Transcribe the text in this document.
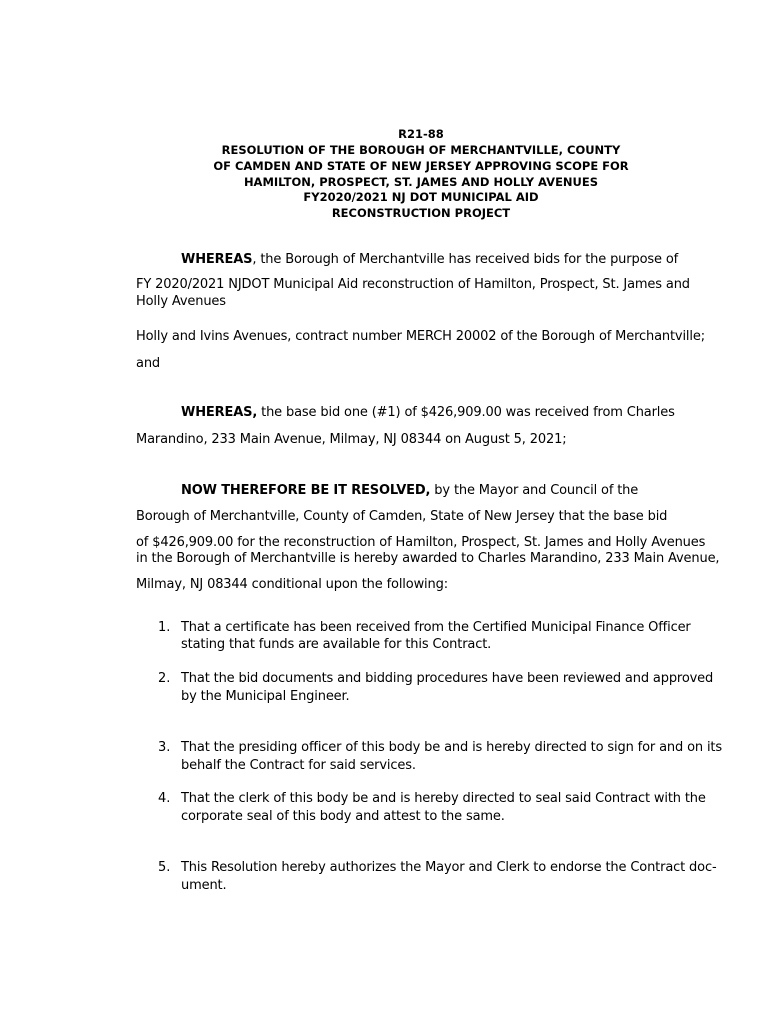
R21-88
RESOLUTION OF THE BOROUGH OF MERCHANTVILLE, COUNTY
OF CAMDEN AND STATE OF NEW JERSEY APPROVING SCOPE FOR
HAMILTON, PROSPECT, ST. JAMES AND HOLLY AVENUES
FY2020/2021 NJ DOT MUNICIPAL AID
RECONSTRUCTION PROJECT
WHEREAS, the Borough of Merchantville has received bids for the purpose of
FY 2020/2021 NJDOT Municipal Aid reconstruction of Hamilton, Prospect, St. James and
Holly Avenues
Holly and Ivins Avenues, contract number MERCH 20002 of the Borough of Merchantville;
and
WHEREAS, the base bid one (#1) of $426,909.00 was received from Charles
Marandino, 233 Main Avenue, Milmay, NJ 08344 on August 5, 2021;
NOW THEREFORE BE IT RESOLVED, by the Mayor and Council of the
Borough of Merchantville, County of Camden, State of New Jersey that the base bid
of $426,909.00 for the reconstruction of Hamilton, Prospect, St. James and Holly Avenues
in the Borough of Merchantville is hereby awarded to Charles Marandino, 233 Main Avenue,
Milmay, NJ 08344 conditional upon the following:
1. That a certificate has been received from the Certified Municipal Finance Officer
stating that funds are available for this Contract.
2. That the bid documents and bidding procedures have been reviewed and approved
by the Municipal Engineer.
3. That the presiding officer of this body be and is hereby directed to sign for and on its
behalf the Contract for said services.
4. That the clerk of this body be and is hereby directed to seal said Contract with the
corporate seal of this body and attest to the same.
5. This Resolution hereby authorizes the Mayor and Clerk to endorse the Contract doc-
ument.
